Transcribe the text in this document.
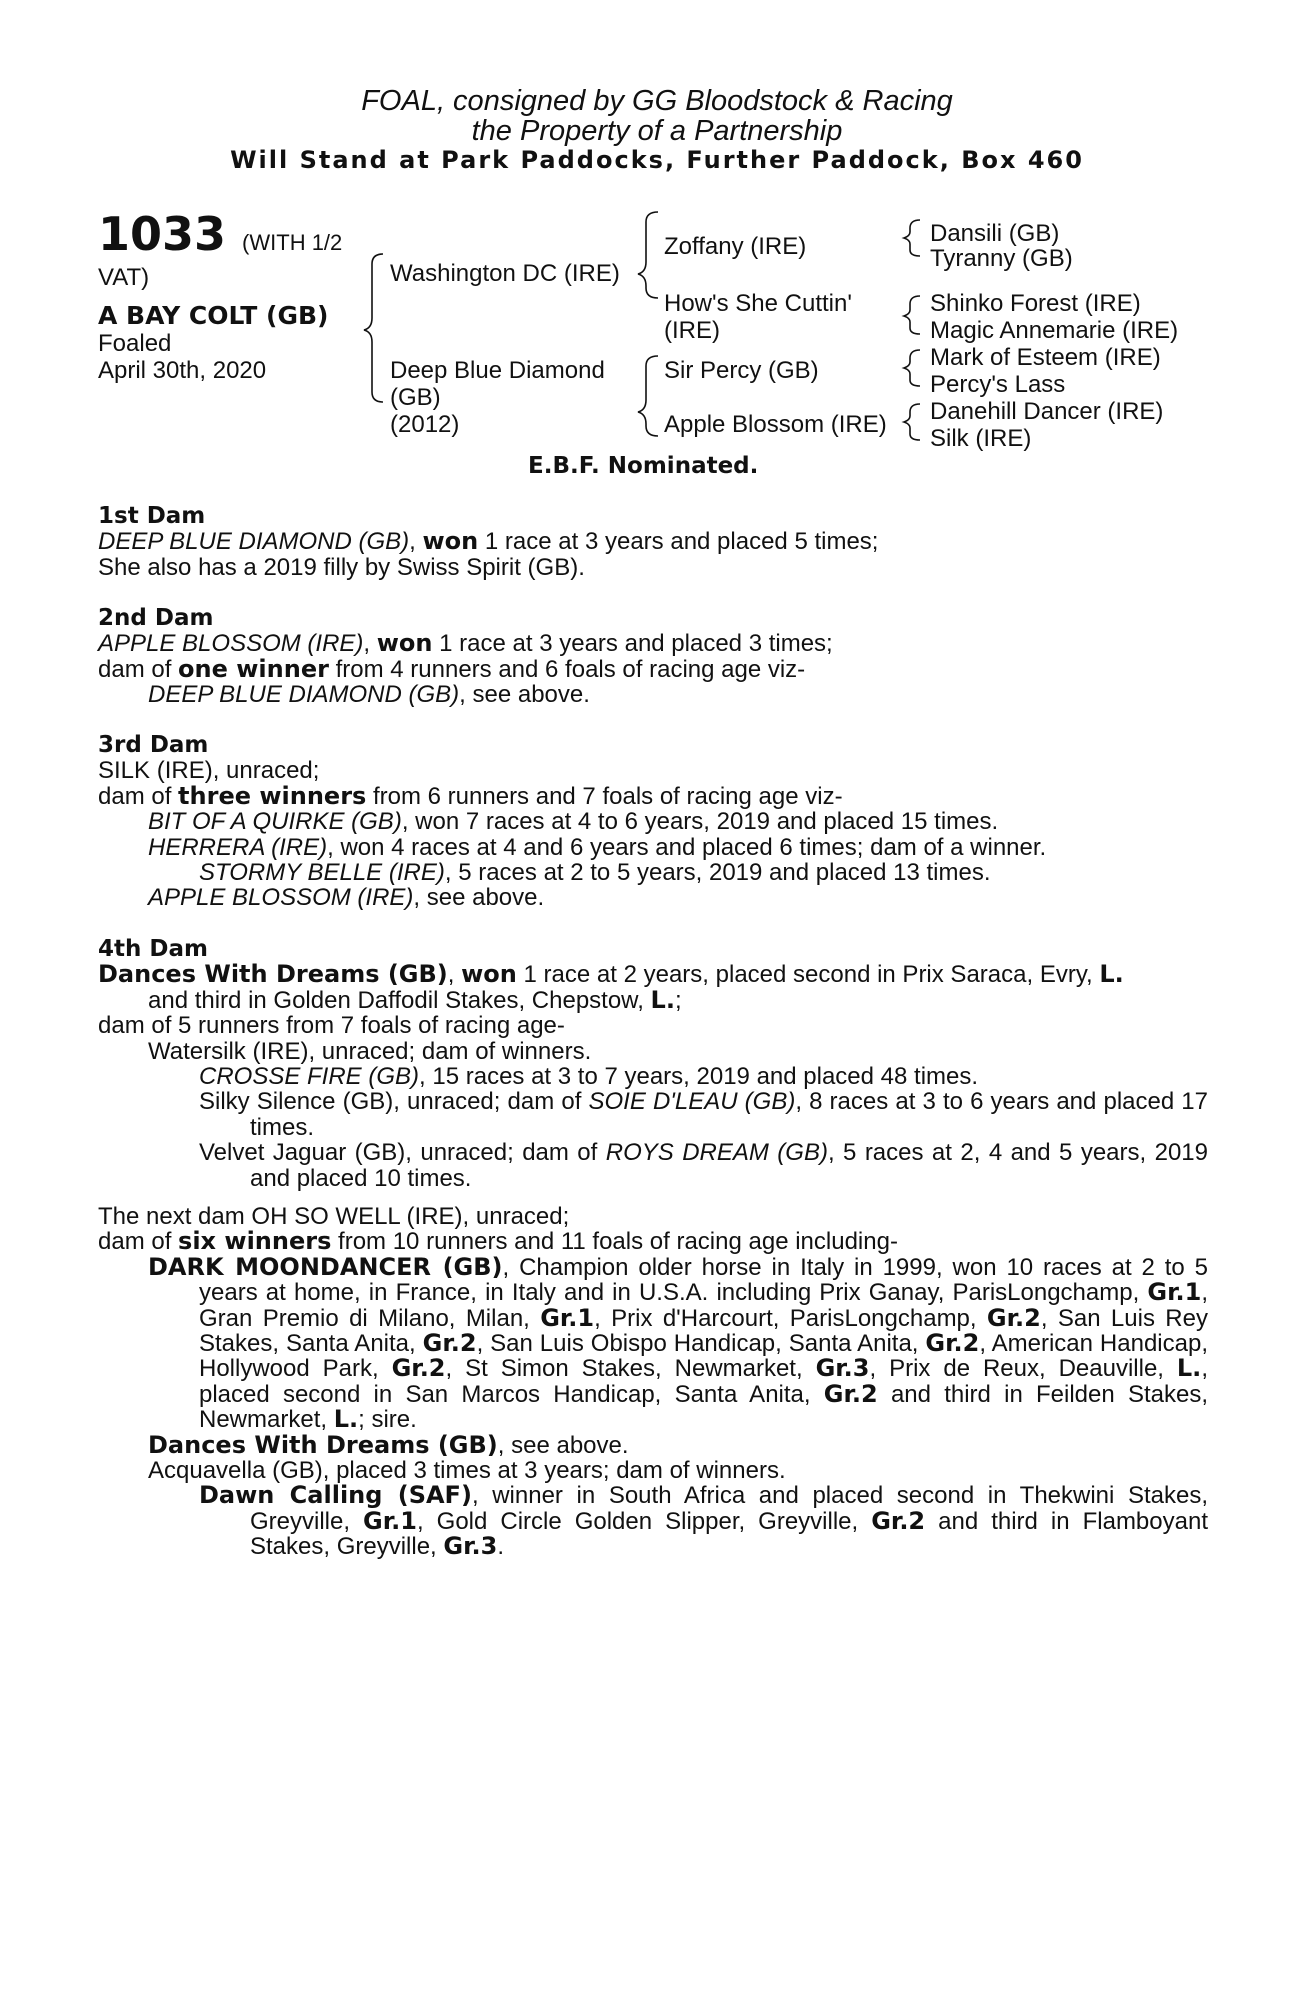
FOAL, consigned by GG Bloodstock & Racing
the Property of a Partnership
Will Stand at Park Paddocks, Further Paddock, Box 460
1033 (WITH 1/2
VAT)
A BAY COLT (GB)
Foaled
April 30th, 2020
Washington DC (IRE)
Deep Blue Diamond
(GB)
(2012)
Zoffany (IRE)
How's She Cuttin'
(IRE)
Sir Percy (GB)
Apple Blossom (IRE)
Dansili (GB)
Tyranny (GB)
Shinko Forest (IRE)
Magic Annemarie (IRE)
Mark of Esteem (IRE)
Percy's Lass
Danehill Dancer (IRE)
Silk (IRE)
E.B.F. Nominated.

1st Dam

DEEP BLUE DIAMOND (GB), won 1 race at 3 years and placed 5 times;

She also has a 2019 filly by Swiss Spirit (GB).

2nd Dam

APPLE BLOSSOM (IRE), won 1 race at 3 years and placed 3 times;

dam of one winner from 4 runners and 6 foals of racing age viz-

DEEP BLUE DIAMOND (GB), see above.

3rd Dam

SILK (IRE), unraced;

dam of three winners from 6 runners and 7 foals of racing age viz-

BIT OF A QUIRKE (GB), won 7 races at 4 to 6 years, 2019 and placed 15 times.

HERRERA (IRE), won 4 races at 4 and 6 years and placed 6 times; dam of a winner.

STORMY BELLE (IRE), 5 races at 2 to 5 years, 2019 and placed 13 times.

APPLE BLOSSOM (IRE), see above.

4th Dam

Dances With Dreams (GB), won 1 race at 2 years, placed second in Prix Saraca, Evry, L.

and third in Golden Daffodil Stakes, Chepstow, L.;

dam of 5 runners from 7 foals of racing age-

Watersilk (IRE), unraced; dam of winners.

CROSSE FIRE (GB), 15 races at 3 to 7 years, 2019 and placed 48 times.

Silky Silence (GB), unraced; dam of SOIE D'LEAU (GB), 8 races at 3 to 6 years and placed 17 times.

Velvet Jaguar (GB), unraced; dam of ROYS DREAM (GB), 5 races at 2, 4 and 5 years, 2019 and placed 10 times.

The next dam OH SO WELL (IRE), unraced;

dam of six winners from 10 runners and 11 foals of racing age including-

DARK MOONDANCER (GB), Champion older horse in Italy in 1999, won 10 races at 2 to 5 years at home, in France, in Italy and in U.S.A. including Prix Ganay, ParisLongchamp, Gr.1, Gran Premio di Milano, Milan, Gr.1, Prix d'Harcourt, ParisLongchamp, Gr.2, San Luis Rey Stakes, Santa Anita, Gr.2, San Luis Obispo Handicap, Santa Anita, Gr.2, American Handicap, Hollywood Park, Gr.2, St Simon Stakes, Newmarket, Gr.3, Prix de Reux, Deauville, L., placed second in San Marcos Handicap, Santa Anita, Gr.2 and third in Feilden Stakes, Newmarket, L.; sire.

Dances With Dreams (GB), see above.

Acquavella (GB), placed 3 times at 3 years; dam of winners.

Dawn Calling (SAF), winner in South Africa and placed second in Thekwini Stakes, Greyville, Gr.1, Gold Circle Golden Slipper, Greyville, Gr.2 and third in Flamboyant Stakes, Greyville, Gr.3.
